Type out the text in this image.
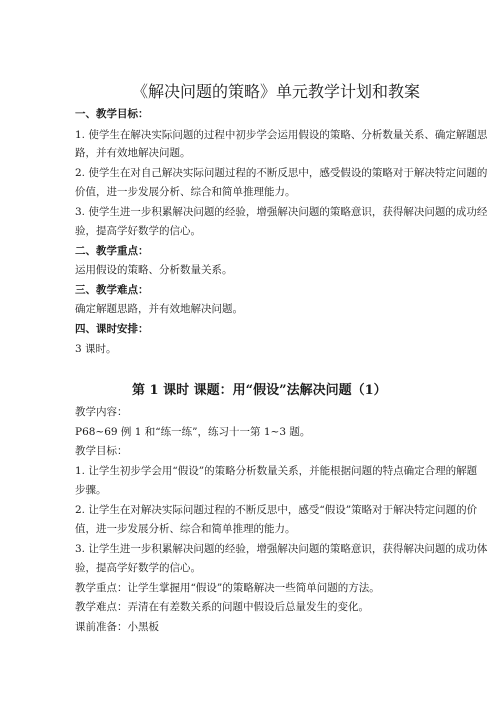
《解决问题的策略》单元教学计划和教案
一、教学目标：
1. 使学生在解决实际问题的过程中初步学会运用假设的策略、分析数量关系、确定解题思
路，并有效地解决问题。
2. 使学生在对自己解决实际问题过程的不断反思中，感受假设的策略对于解决特定问题的
价值，进一步发展分析、综合和简单推理能力。
3. 使学生进一步积累解决问题的经验，增强解决问题的策略意识，获得解决问题的成功经
验，提高学好数学的信心。
二、教学重点：
运用假设的策略、分析数量关系。
三、教学难点：
确定解题思路，并有效地解决问题。
四、课时安排：
3 课时。
第 1 课时 课题：用“假设”法解决问题（1）
教学内容：
P68~69 例 1 和“练一练”，练习十一第 1~3 题。
教学目标：
1. 让学生初步学会用“假设”的策略分析数量关系，并能根据问题的特点确定合理的解题
步骤。
2. 让学生在对解决实际问题过程的不断反思中，感受“假设”策略对于解决特定问题的价
值，进一步发展分析、综合和简单推理的能力。
3. 让学生进一步积累解决问题的经验，增强解决问题的策略意识，获得解决问题的成功体
验，提高学好数学的信心。
教学重点：让学生掌握用“假设”的策略解决一些简单问题的方法。
教学难点：弄清在有差数关系的问题中假设后总量发生的变化。
课前准备：小黑板
